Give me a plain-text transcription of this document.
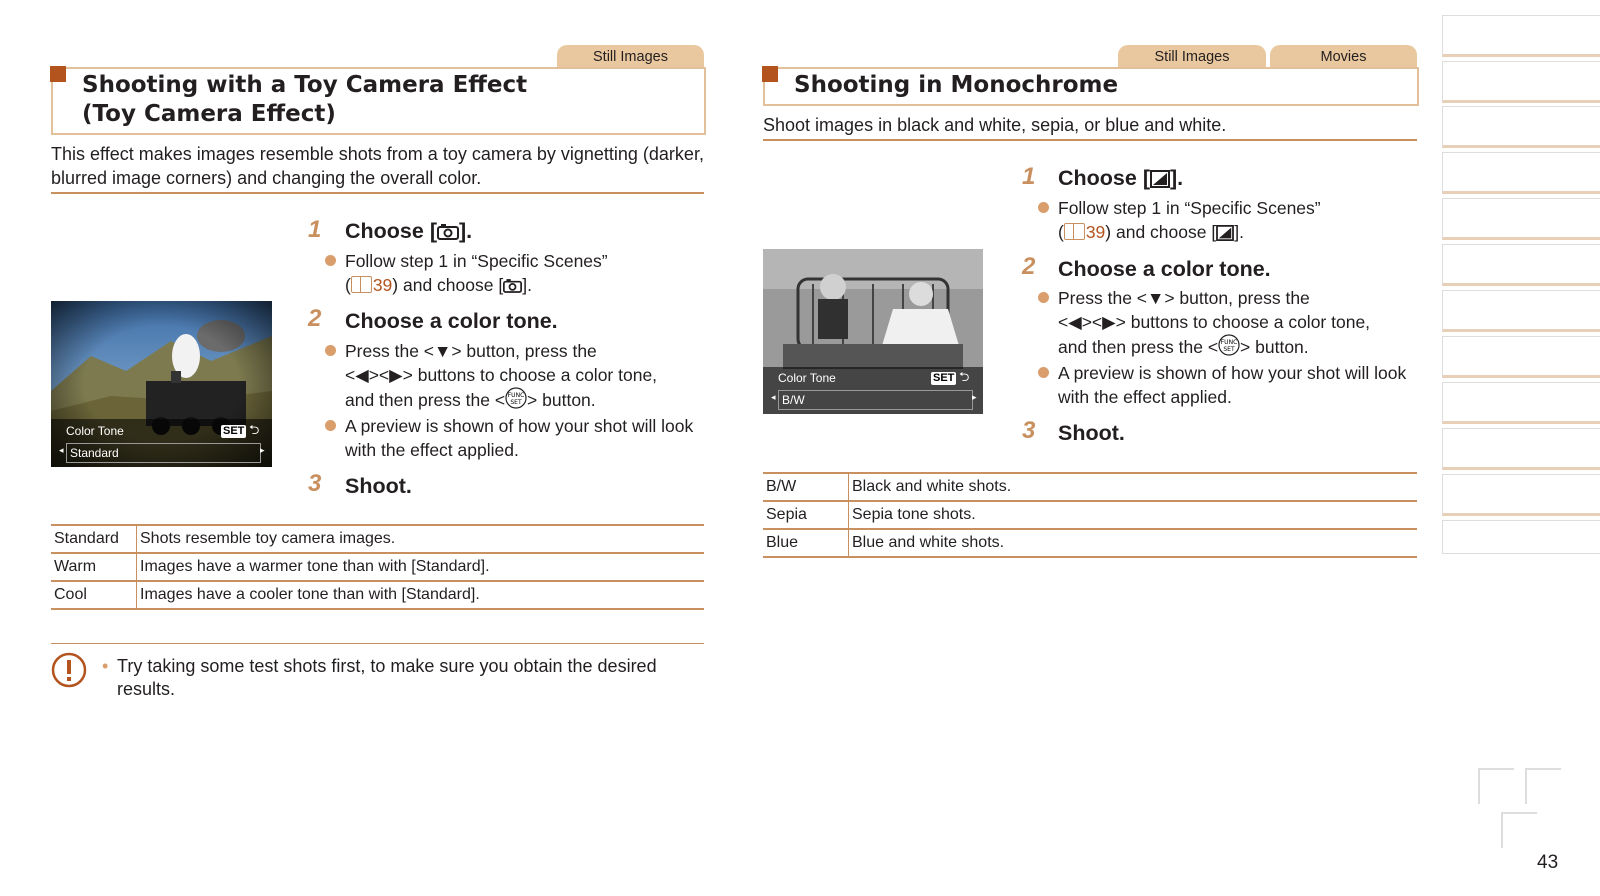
Still Images
Shooting with a Toy Camera Effect
(Toy Camera Effect)
This effect makes images resemble shots from a toy camera by vignetting (darker, blurred image corners) and changing the overall color.
Color Tone	SET ⮌
Standard
◂	▸
1 Choose [ ].
Follow step 1 in “Specific Scenes”
( 39) and choose [ ].
2 Choose a color tone.
Press the <▼> button, press the
<◀><▶> buttons to choose a color tone,
and then press the < FUNC
SET > button.
A preview is shown of how your shot will look with the effect applied.
3 Shoot.
Standard	Shots resemble toy camera images.
Warm	Images have a warmer tone than with [Standard].
Cool	Images have a cooler tone than with [Standard].
• Try taking some test shots first, to make sure you obtain the desired results.
Still Images	Movies
Shooting in Monochrome
Shoot images in black and white, sepia, or blue and white.
Color Tone	SET ⮌
B/W
◂	▸
1 Choose [ ].
Follow step 1 in “Specific Scenes”
( 39) and choose [ ].
2 Choose a color tone.
Press the <▼> button, press the
<◀><▶> buttons to choose a color tone,
and then press the < FUNC
SET > button.
A preview is shown of how your shot will look with the effect applied.
3 Shoot.
B/W	Black and white shots.
Sepia	Sepia tone shots.
Blue	Blue and white shots.
43
